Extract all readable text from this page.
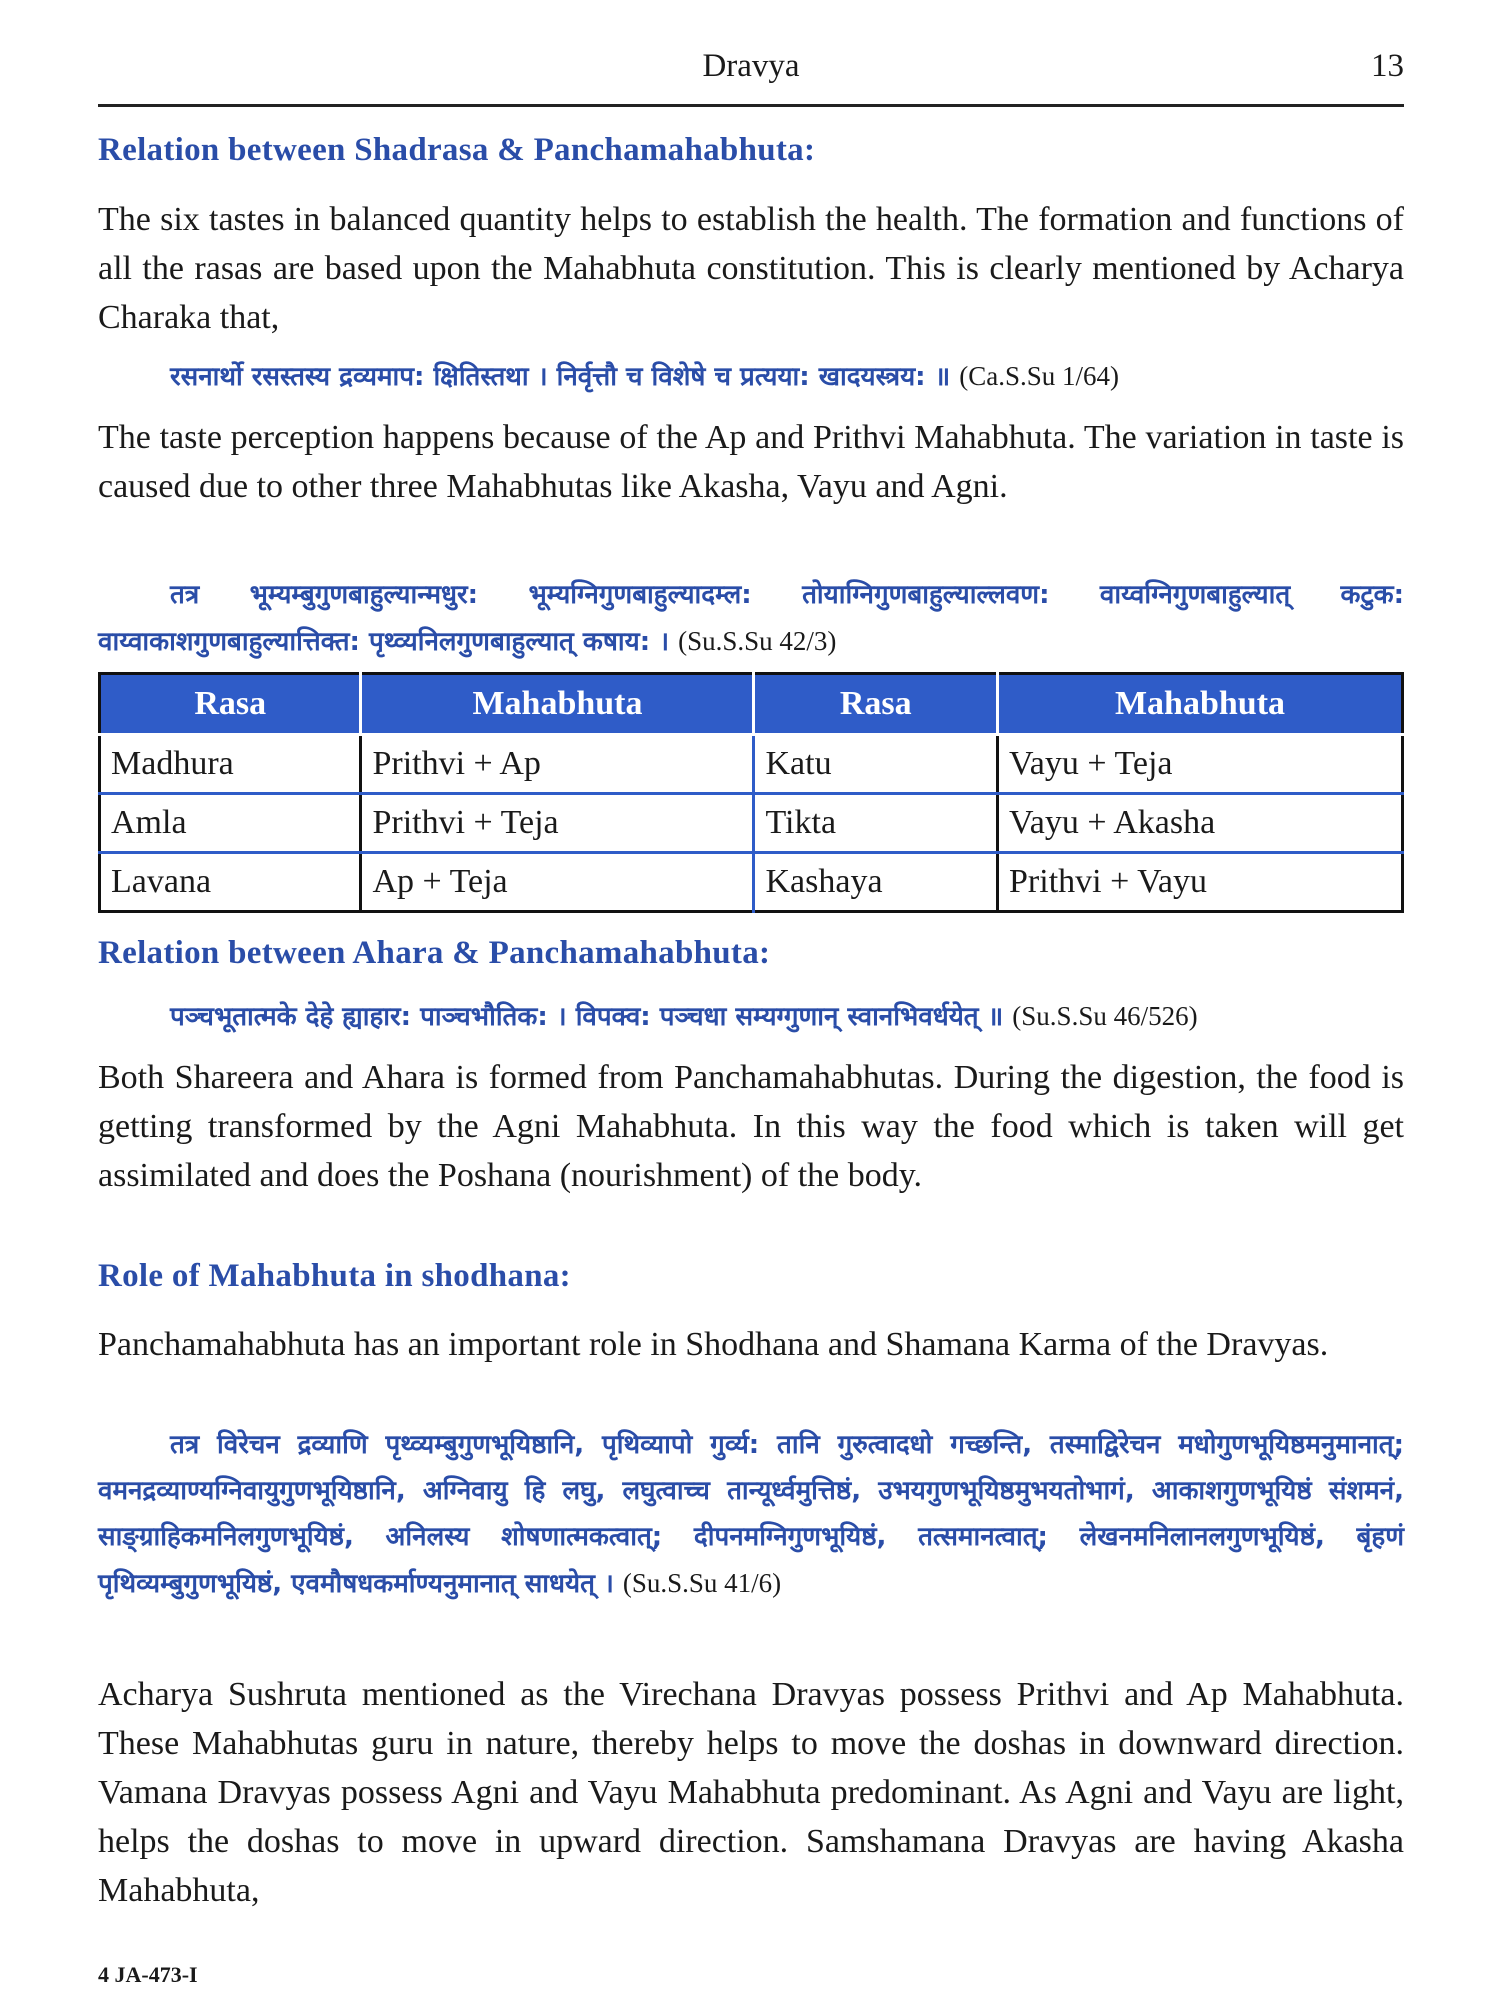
Dravya	13
Relation between Shadrasa & Panchamahabhuta:

The six tastes in balanced quantity helps to establish the health. The formation and functions of all the rasas are based upon the Mahabhuta constitution. This is clearly mentioned by Acharya Charaka that,

रसनार्थो रसस्तस्य द्रव्यमाप: क्षितिस्तथा । निर्वृत्तौ च विशेषे च प्रत्यया: खादयस्त्रय: ॥ (Ca.S.Su 1/64)

The taste perception happens because of the Ap and Prithvi Mahabhuta. The variation in taste is caused due to other three Mahabhutas like Akasha, Vayu and Agni.

तत्र भूम्यम्बुगुणबाहुल्यान्मधुर: भूम्यग्निगुणबाहुल्यादम्ल: तोयाग्निगुणबाहुल्याल्लवण: वाय्वग्निगुणबाहुल्यात् कटुक: वाय्वाकाशगुणबाहुल्यात्तिक्त: पृथ्व्यनिलगुणबाहुल्यात् कषाय: । (Su.S.Su 42/3)

Rasa	Mahabhuta	Rasa	Mahabhuta
Madhura	Prithvi + Ap	Katu	Vayu + Teja
Amla	Prithvi + Teja	Tikta	Vayu + Akasha
Lavana	Ap + Teja	Kashaya	Prithvi + Vayu
Relation between Ahara & Panchamahabhuta:

पञ्चभूतात्मके देहे ह्याहार: पाञ्चभौतिक: । विपक्व: पञ्चधा सम्यग्गुणान् स्वानभिवर्धयेत् ॥ (Su.S.Su 46/526)

Both Shareera and Ahara is formed from Panchamahabhutas. During the digestion, the food is getting transformed by the Agni Mahabhuta. In this way the food which is taken will get assimilated and does the Poshana (nourishment) of the body.

Role of Mahabhuta in shodhana:

Panchamahabhuta has an important role in Shodhana and Shamana Karma of the Dravyas.

तत्र विरेचन द्रव्याणि पृथ्व्यम्बुगुणभूयिष्ठानि, पृथिव्यापो गुर्व्य: तानि गुरुत्वादधो गच्छन्ति, तस्माद्विरेचन मधोगुणभूयिष्ठमनुमानात्; वमनद्रव्याण्यग्निवायुगुणभूयिष्ठानि, अग्निवायु हि लघु, लघुत्वाच्च तान्यूर्ध्वमुत्तिष्ठं, उभयगुणभूयिष्ठमुभयतोभागं, आकाशगुणभूयिष्ठं संशमनं, साङ्ग्राहिकमनिलगुणभूयिष्ठं, अनिलस्य शोषणात्मकत्वात्; दीपनमग्निगुणभूयिष्ठं, तत्समानत्वात्; लेखनमनिलानलगुणभूयिष्ठं, बृंहणं पृथिव्यम्बुगुणभूयिष्ठं, एवमौषधकर्माण्यनुमानात् साधयेत् । (Su.S.Su 41/6)

Acharya Sushruta mentioned as the Virechana Dravyas possess Prithvi and Ap Mahabhuta. These Mahabhutas guru in nature, thereby helps to move the doshas in downward direction. Vamana Dravyas possess Agni and Vayu Mahabhuta predominant. As Agni and Vayu are light, helps the doshas to move in upward direction. Samshamana Dravyas are having Akasha Mahabhuta,

4 JA-473-I
